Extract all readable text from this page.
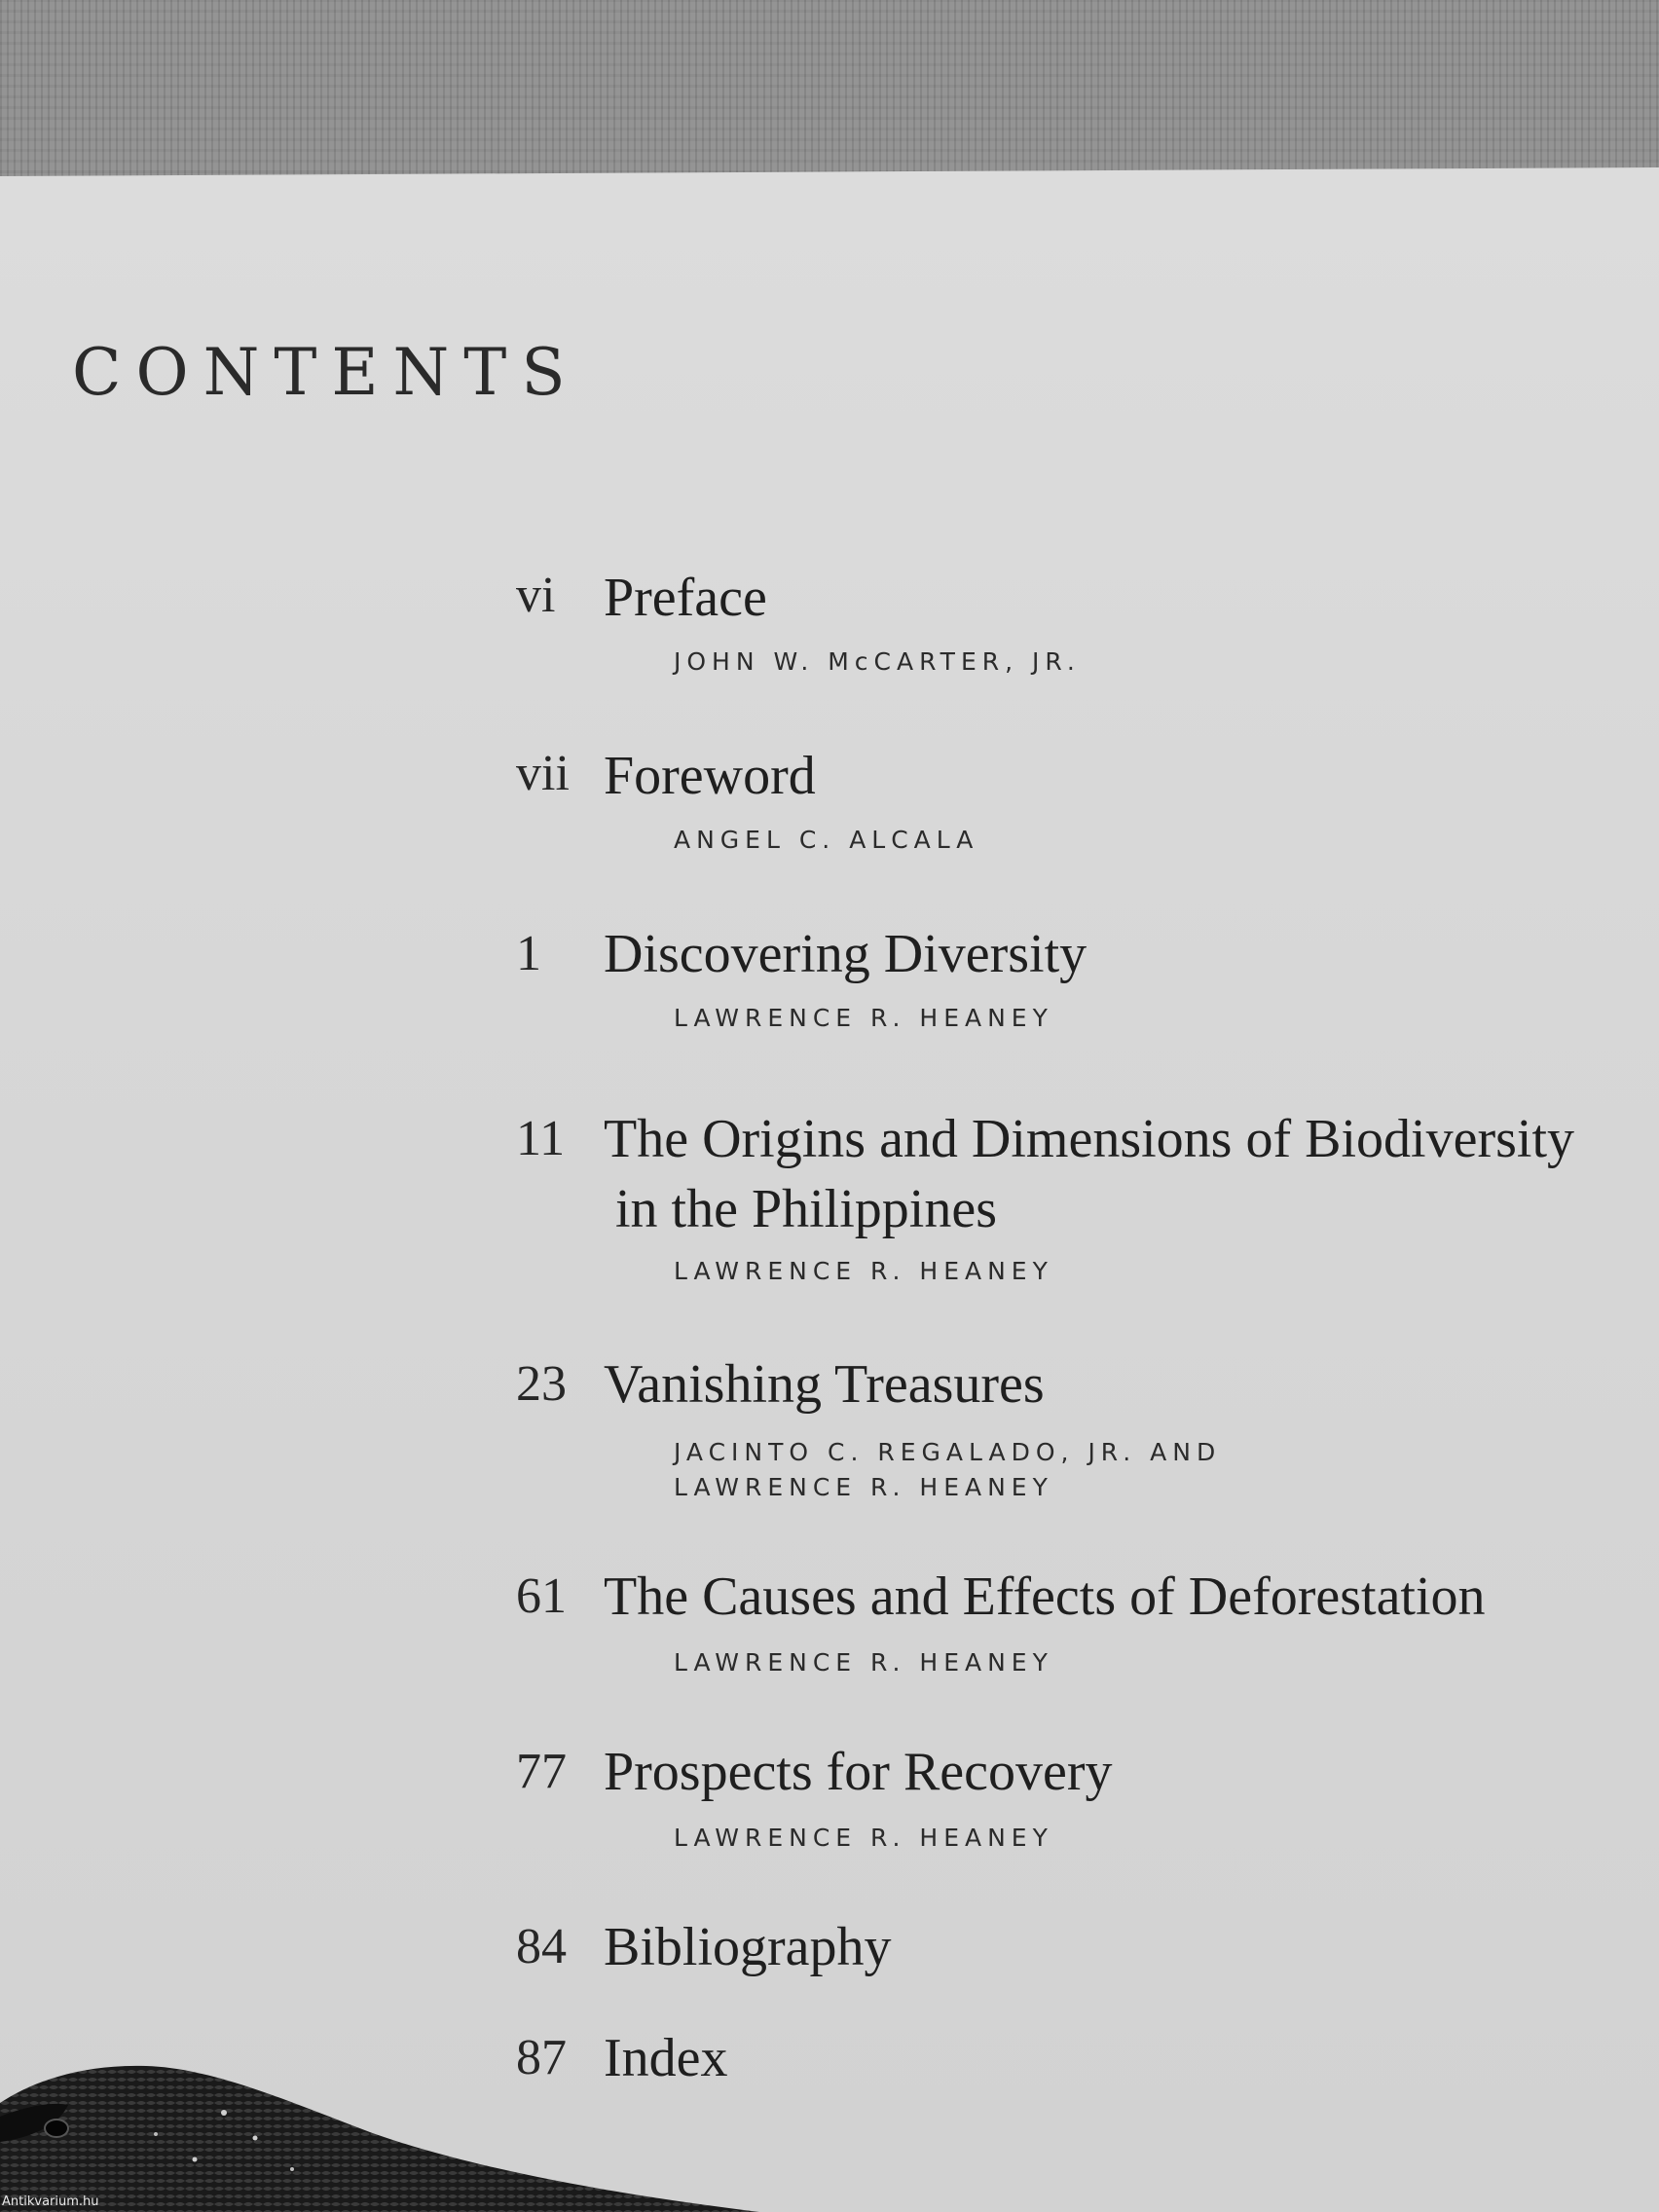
CONTENTS
vi Preface
JOHN W. McCARTER, JR.
vii Foreword
ANGEL C. ALCALA
1 Discovering Diversity
LAWRENCE R. HEANEY
11 The Origins and Dimensions of Biodiversity
in the Philippines
LAWRENCE R. HEANEY
23 Vanishing Treasures
JACINTO C. REGALADO, JR. AND
LAWRENCE R. HEANEY
61 The Causes and Effects of Deforestation
LAWRENCE R. HEANEY
77 Prospects for Recovery
LAWRENCE R. HEANEY
84 Bibliography
87 Index
Antikvarium.hu
